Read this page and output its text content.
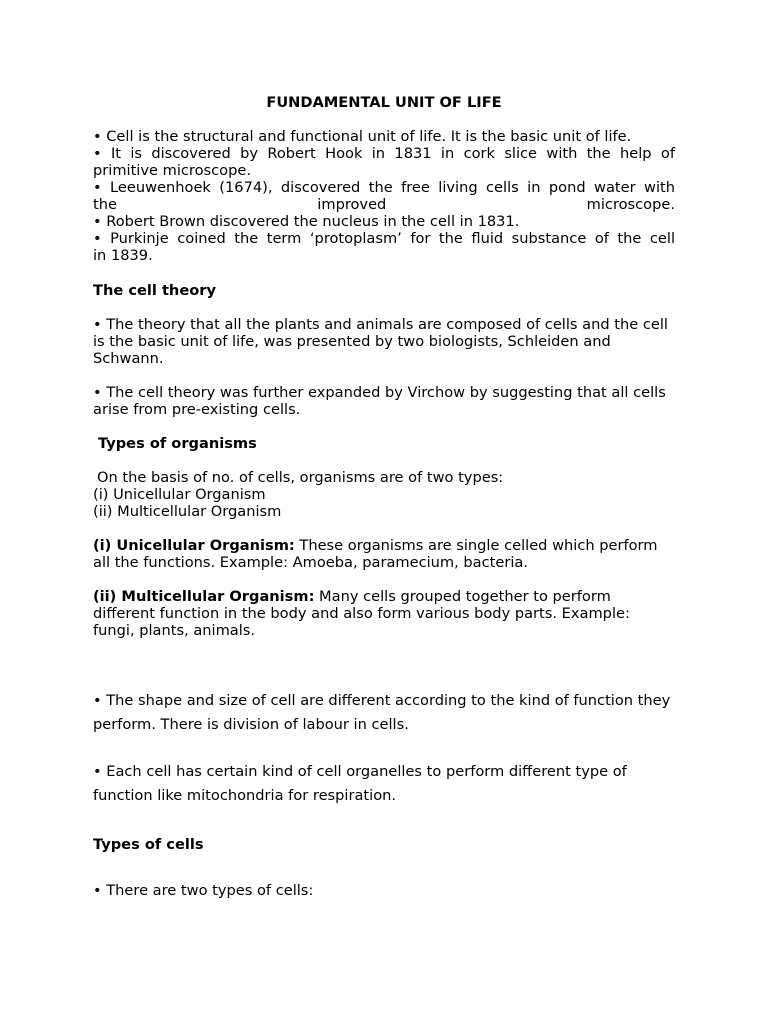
FUNDAMENTAL UNIT OF LIFE
• Cell is the structural and functional unit of life. It is the basic unit of life.
• It is discovered by Robert Hook in 1831 in cork slice with the help of
primitive microscope.
• Leeuwenhoek (1674), discovered the free living cells in pond water with
the improved microscope.
• Robert Brown discovered the nucleus in the cell in 1831.
• Purkinje coined the term ‘protoplasm’ for the fluid substance of the cell
in 1839.
The cell theory
• The theory that all the plants and animals are composed of cells and the cell is the basic unit of life, was presented by two biologists, Schleiden and Schwann.
• The cell theory was further expanded by Virchow by suggesting that all cells arise from pre-existing cells.
Types of organisms
On the basis of no. of cells, organisms are of two types:
(i) Unicellular Organism
(ii) Multicellular Organism
(i) Unicellular Organism: These organisms are single celled which perform all the functions. Example: Amoeba, paramecium, bacteria.
(ii) Multicellular Organism: Many cells grouped together to perform different function in the body and also form various body parts. Example: fungi, plants, animals.
• The shape and size of cell are different according to the kind of function they perform. There is division of labour in cells.
• Each cell has certain kind of cell organelles to perform different type of function like mitochondria for respiration.
Types of cells
• There are two types of cells:
